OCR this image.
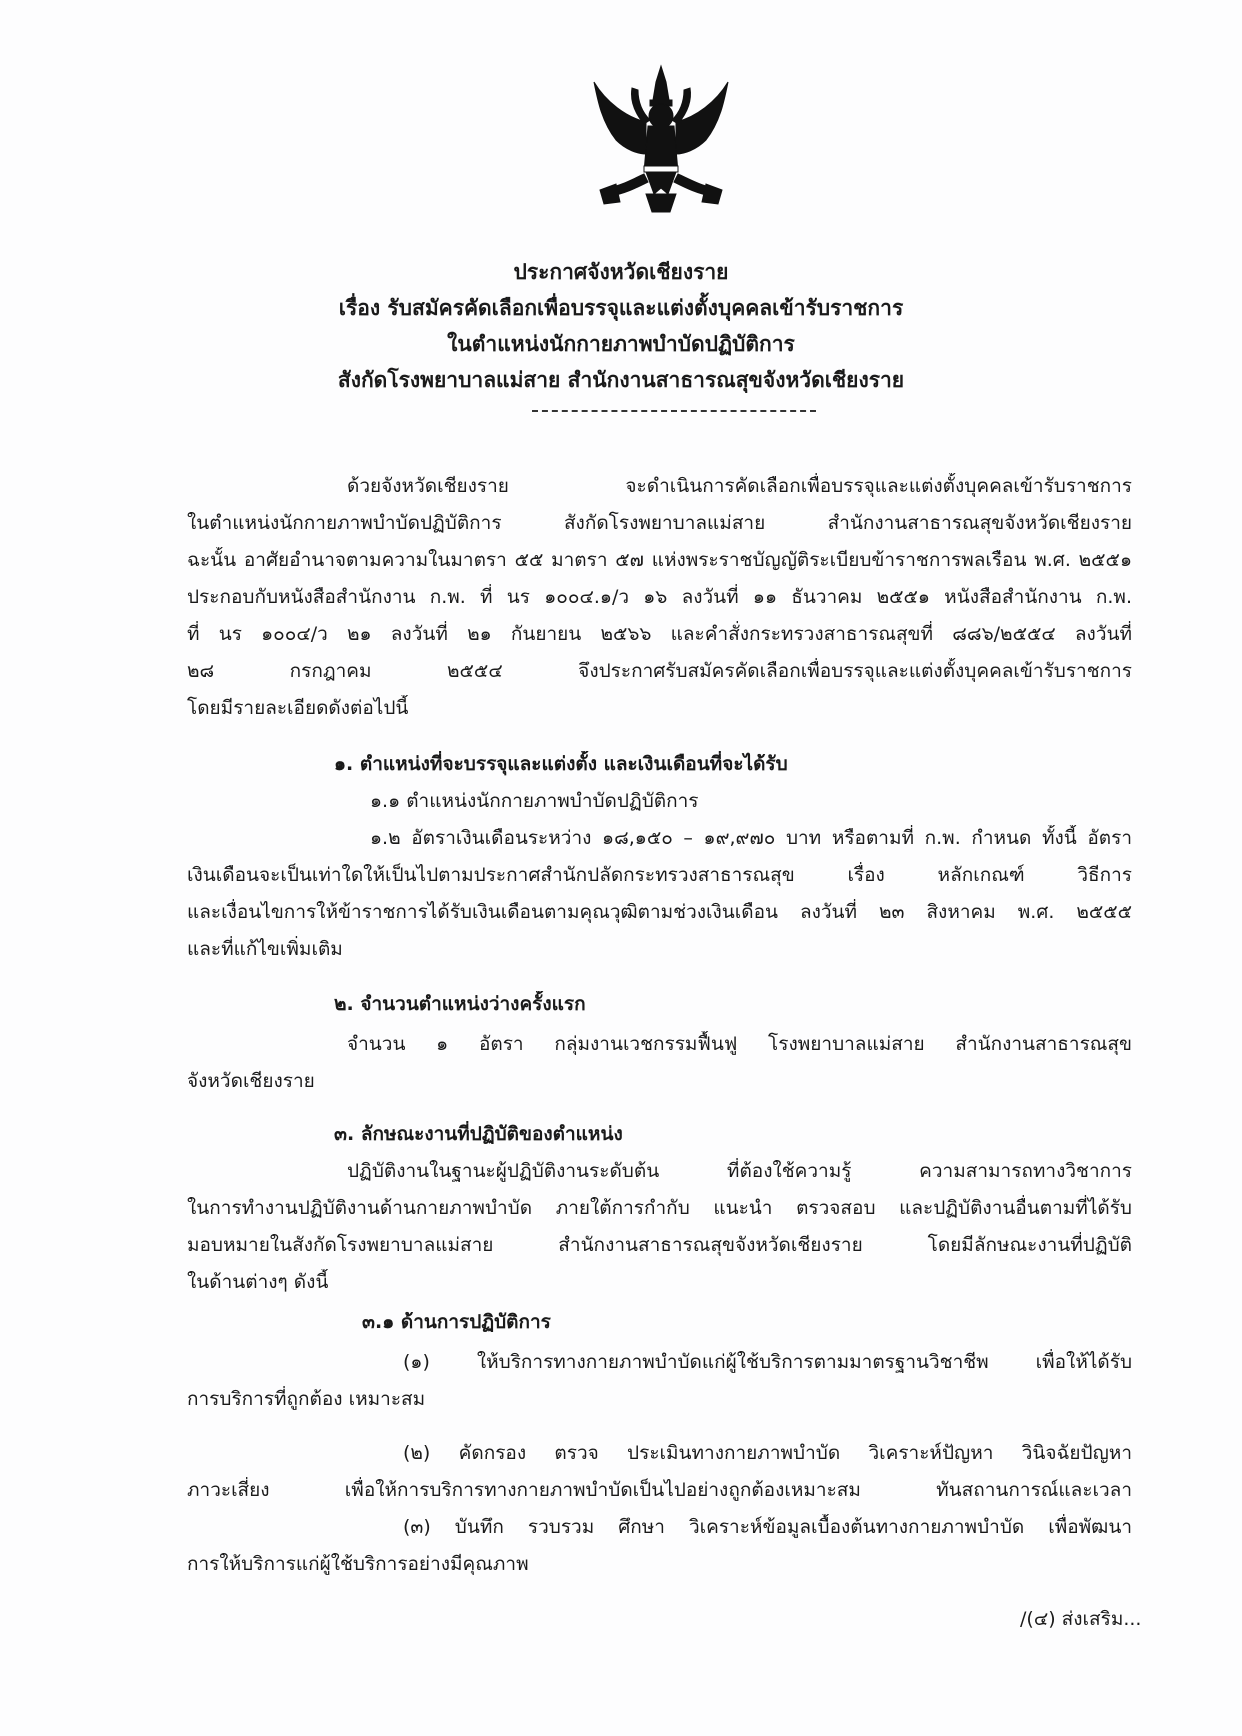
ประกาศจังหวัดเชียงราย
เรื่อง รับสมัครคัดเลือกเพื่อบรรจุและแต่งตั้งบุคคลเข้ารับราชการ
ในตำแหน่งนักกายภาพบำบัดปฏิบัติการ
สังกัดโรงพยาบาลแม่สาย สำนักงานสาธารณสุขจังหวัดเชียงราย
ด้วยจังหวัดเชียงราย จะดำเนินการคัดเลือกเพื่อบรรจุและแต่งตั้งบุคคลเข้ารับราชการ
ในตำแหน่งนักกายภาพบำบัดปฏิบัติการ สังกัดโรงพยาบาลแม่สาย สำนักงานสาธารณสุขจังหวัดเชียงราย
ฉะนั้น อาศัยอำนาจตามความในมาตรา ๕๕ มาตรา ๕๗ แห่งพระราชบัญญัติระเบียบข้าราชการพลเรือน พ.ศ. ๒๕๕๑
ประกอบกับหนังสือสำนักงาน ก.พ. ที่ นร ๑๐๐๔.๑/ว ๑๖ ลงวันที่ ๑๑ ธันวาคม ๒๕๕๑ หนังสือสำนักงาน ก.พ.
ที่ นร ๑๐๐๔/ว ๒๑ ลงวันที่ ๒๑ กันยายน ๒๕๖๖ และคำสั่งกระทรวงสาธารณสุขที่ ๘๘๖/๒๕๕๔ ลงวันที่
๒๘ กรกฎาคม ๒๕๕๔ จึงประกาศรับสมัครคัดเลือกเพื่อบรรจุและแต่งตั้งบุคคลเข้ารับราชการ
โดยมีรายละเอียดดังต่อไปนี้
๑. ตำแหน่งที่จะบรรจุและแต่งตั้ง และเงินเดือนที่จะได้รับ
๑.๑ ตำแหน่งนักกายภาพบำบัดปฏิบัติการ
๑.๒ อัตราเงินเดือนระหว่าง ๑๘,๑๕๐ – ๑๙,๙๗๐ บาท หรือตามที่ ก.พ. กำหนด ทั้งนี้ อัตรา
เงินเดือนจะเป็นเท่าใดให้เป็นไปตามประกาศสำนักปลัดกระทรวงสาธารณสุข เรื่อง หลักเกณฑ์ วิธีการ
และเงื่อนไขการให้ข้าราชการได้รับเงินเดือนตามคุณวุฒิตามช่วงเงินเดือน ลงวันที่ ๒๓ สิงหาคม พ.ศ. ๒๕๕๕
และที่แก้ไขเพิ่มเติม
๒. จำนวนตำแหน่งว่างครั้งแรก
จำนวน ๑ อัตรา กลุ่มงานเวชกรรมฟื้นฟู โรงพยาบาลแม่สาย สำนักงานสาธารณสุข
จังหวัดเชียงราย
๓. ลักษณะงานที่ปฏิบัติของตำแหน่ง
ปฏิบัติงานในฐานะผู้ปฏิบัติงานระดับต้น ที่ต้องใช้ความรู้ ความสามารถทางวิชาการ
ในการทำงานปฏิบัติงานด้านกายภาพบำบัด ภายใต้การกำกับ แนะนำ ตรวจสอบ และปฏิบัติงานอื่นตามที่ได้รับ
มอบหมายในสังกัดโรงพยาบาลแม่สาย สำนักงานสาธารณสุขจังหวัดเชียงราย โดยมีลักษณะงานที่ปฏิบัติ
ในด้านต่างๆ ดังนี้
๓.๑ ด้านการปฏิบัติการ
(๑) ให้บริการทางกายภาพบำบัดแก่ผู้ใช้บริการตามมาตรฐานวิชาชีพ เพื่อให้ได้รับ
การบริการที่ถูกต้อง เหมาะสม
(๒) คัดกรอง ตรวจ ประเมินทางกายภาพบำบัด วิเคราะห์ปัญหา วินิจฉัยปัญหา
ภาวะเสี่ยง เพื่อให้การบริการทางกายภาพบำบัดเป็นไปอย่างถูกต้องเหมาะสม ทันสถานการณ์และเวลา
(๓) บันทึก รวบรวม ศึกษา วิเคราะห์ข้อมูลเบื้องต้นทางกายภาพบำบัด เพื่อพัฒนา
การให้บริการแก่ผู้ใช้บริการอย่างมีคุณภาพ
/(๔) ส่งเสริม...
